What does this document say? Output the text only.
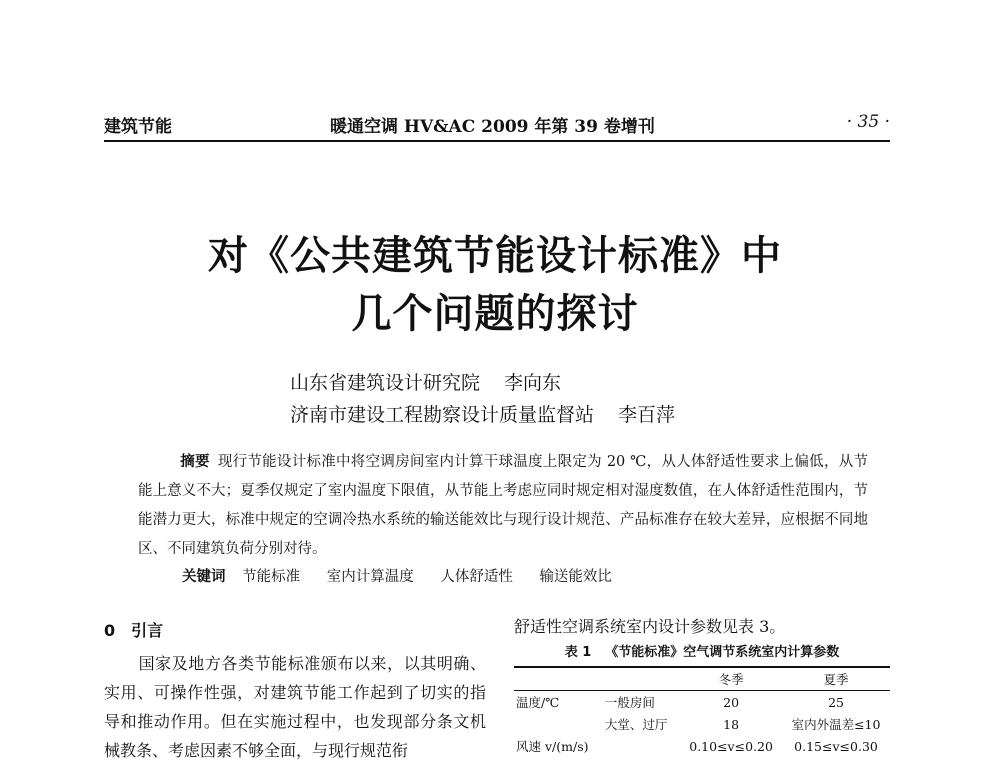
建筑节能	暖通空调 HV&AC 2009 年第 39 卷增刊	· 35 ·
对《公共建筑节能设计标准》中
几个问题的探讨
山东省建筑设计研究院 李向东
济南市建设工程勘察设计质量监督站 李百萍
摘要 现行节能设计标准中将空调房间室内计算干球温度上限定为 20 ℃，从人体舒适性要求上偏低，从节能上意义不大；夏季仅规定了室内温度下限值，从节能上考虑应同时规定相对湿度数值，在人体舒适性范围内，节能潜力更大，标准中规定的空调冷热水系统的输送能效比与现行设计规范、产品标准存在较大差异，应根据不同地区、不同建筑负荷分别对待。
关键词 节能标准 室内计算温度 人体舒适性 输送能效比
0 引言
国家及地方各类节能标准颁布以来，以其明确、实用、可操作性强，对建筑节能工作起到了切实的指导和推动作用。但在实施过程中，也发现部分条文机械教条、考虑因素不够全面，与现行规范衔
舒适性空调系统室内设计参数见表 3。
表 1 《节能标准》空气调节系统室内计算参数
		冬季	夏季
温度/℃	一般房间	20	25
	大堂、过厅	18	室内外温差≤10
风速 v/(m/s)		0.10≤v≤0.20	0.15≤v≤0.30
